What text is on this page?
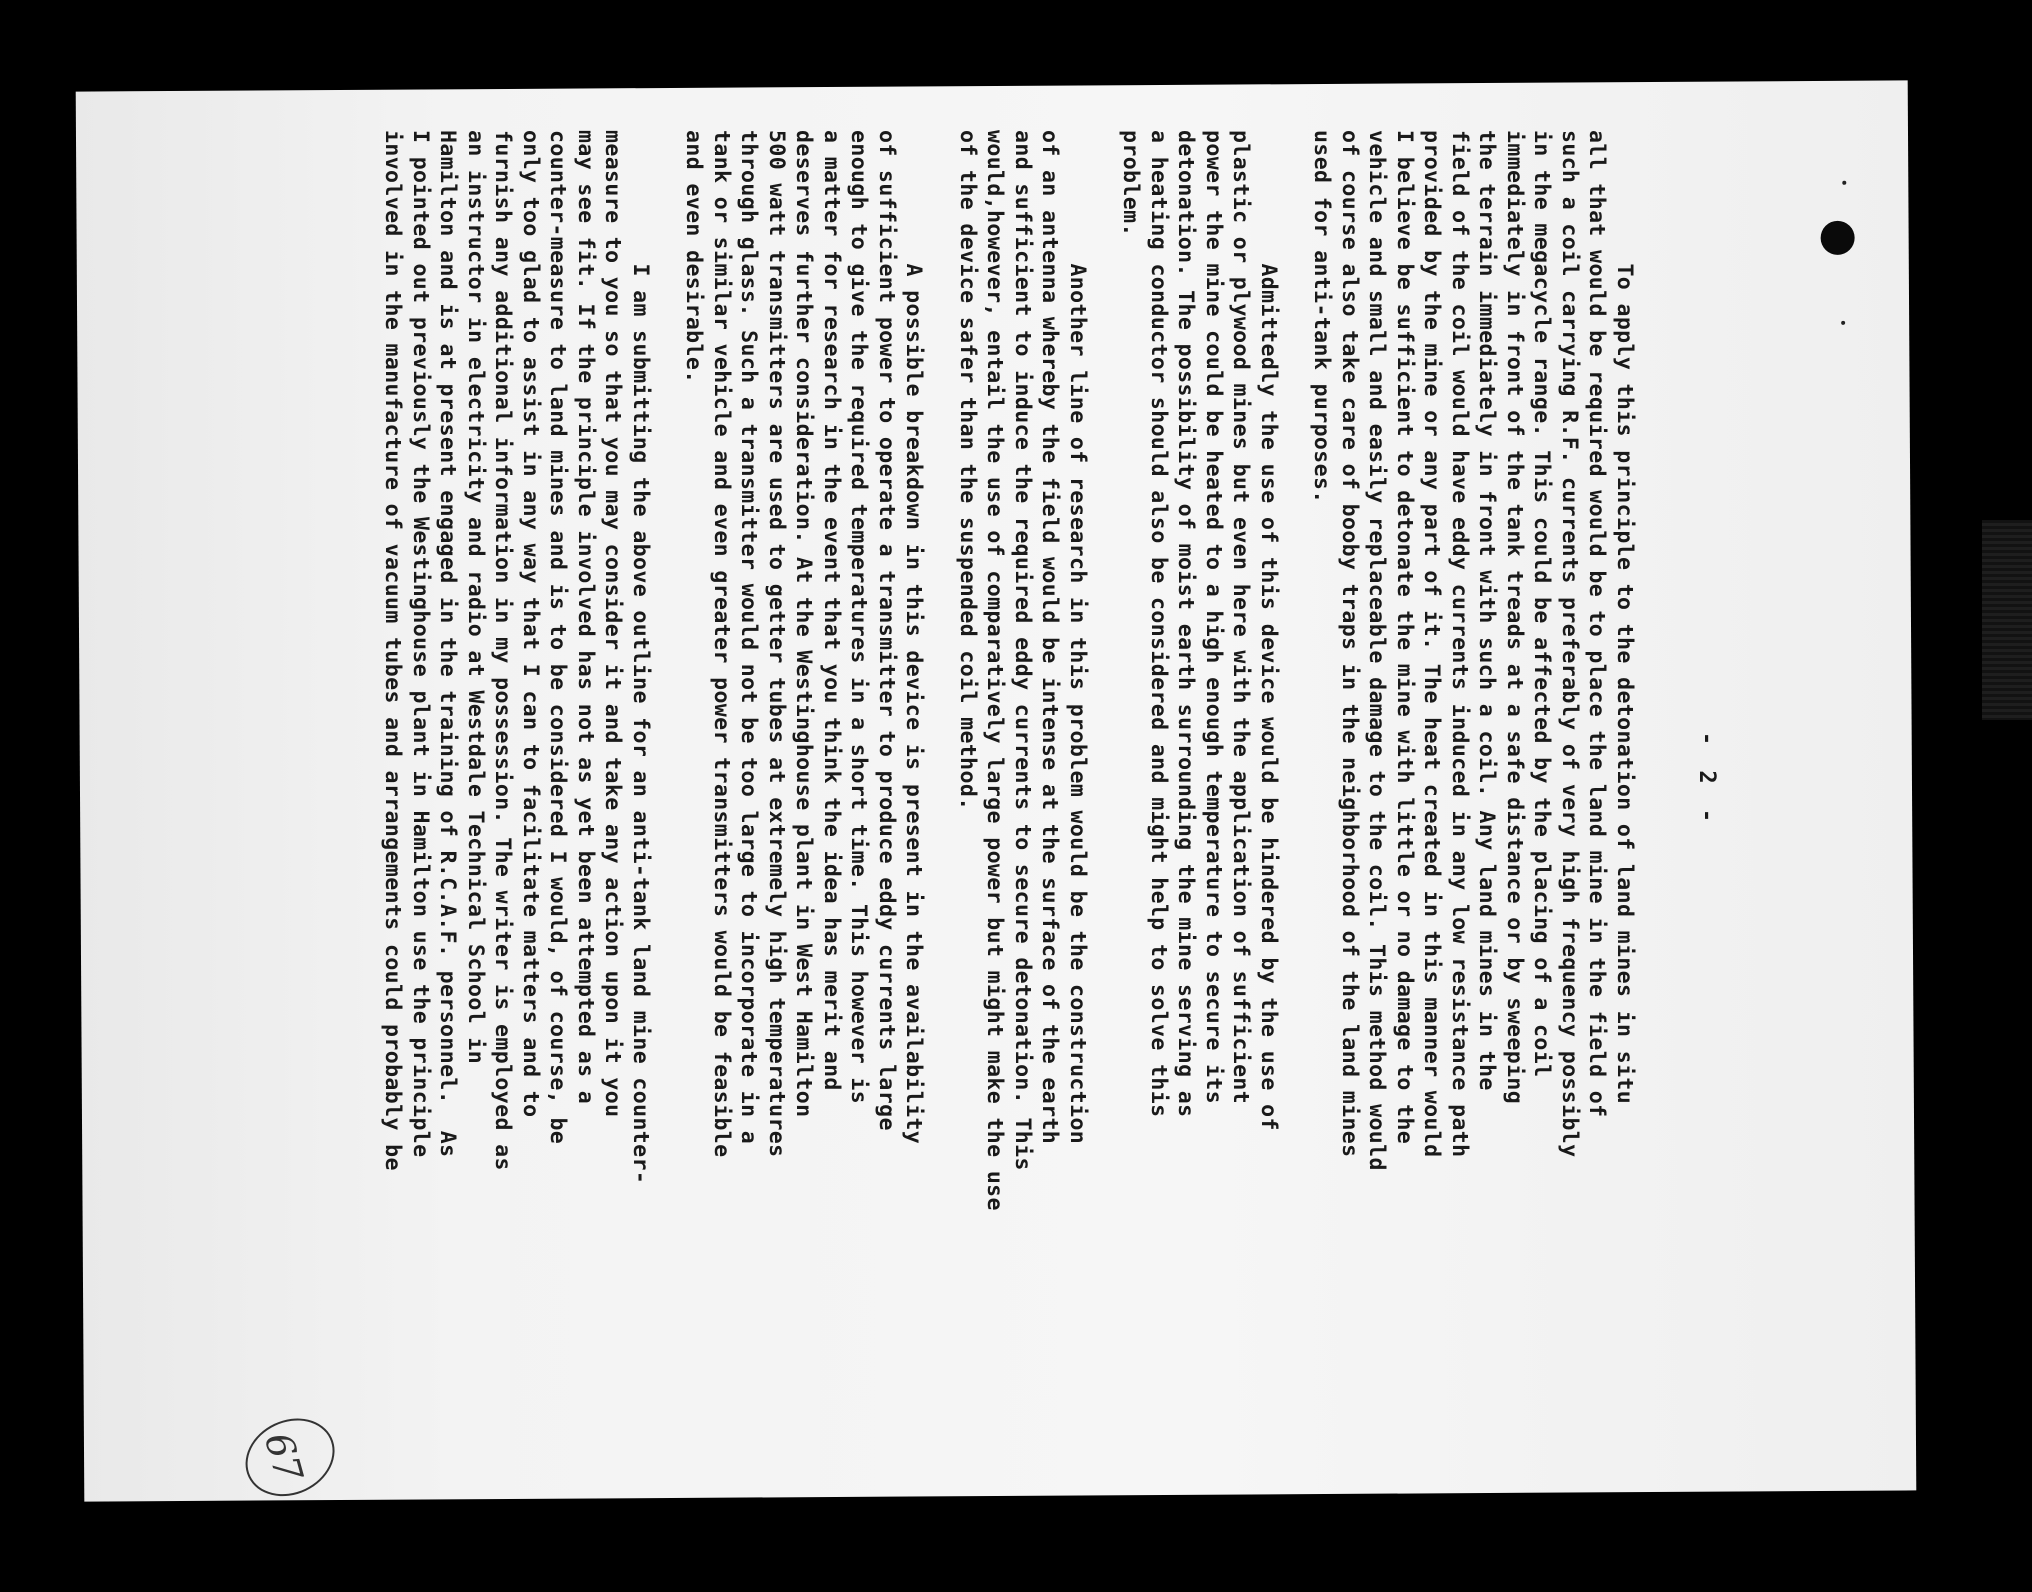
67
- 2 -
To apply this principle to the detonation of land mines in situ
all that would be required would be to place the land mine in the field of
such a coil carrying R.F. currents preferably of very high frequency possibly
in the megacycle range. This could be affected by the placing of a coil
immediately in front of the tank treads at a safe distance or by sweeping
the terrain immediately in front with such a coil. Any land mines in the
field of the coil would have eddy currents induced in any low resistance path
provided by the mine or any part of it. The heat created in this manner would
I believe be sufficient to detonate the mine with little or no damage to the
vehicle and small and easily replaceable damage to the coil. This method would
of course also take care of booby traps in the neighborhood of the land mines
used for anti-tank purposes.
Admittedly the use of this device would be hindered by the use of
plastic or plywood mines but even here with the application of sufficient
power the mine could be heated to a high enough temperature to secure its
detonation. The possibility of moist earth surrounding the mine serving as
a heating conductor should also be considered and might help to solve this
problem.
Another line of research in this problem would be the construction
of an antenna whereby the field would be intense at the surface of the earth
and sufficient to induce the required eddy currents to secure detonation. This
would,however, entail the use of comparatively large power but might make the use
of the device safer than the suspended coil method.
A possible breakdown in this device is present in the availability
of sufficient power to operate a transmitter to produce eddy currents large
enough to give the required temperatures in a short time. This however is
a matter for research in the event that you think the idea has merit and
deserves further consideration. At the Westinghouse plant in West Hamilton
500 watt transmitters are used to getter tubes at extremely high temperatures
through glass. Such a transmitter would not be too large to incorporate in a
tank or similar vehicle and even greater power transmitters would be feasible
and even desirable.
I am submitting the above outline for an anti-tank land mine counter-
measure to you so that you may consider it and take any action upon it you
may see fit. If the principle involved has not as yet been attempted as a
counter-measure to land mines and is to be considered I would, of course, be
only too glad to assist in any way that I can to facilitate matters and to
furnish any additional information in my possession. The writer is employed as
an instructor in electricity and radio at Westdale Technical School in
Hamilton and is at present engaged in the training of R.C.A.F. personnel.  As
I pointed out previously the Westinghouse plant in Hamilton use the principle
involved in the manufacture of vacuum tubes and arrangements could probably be
